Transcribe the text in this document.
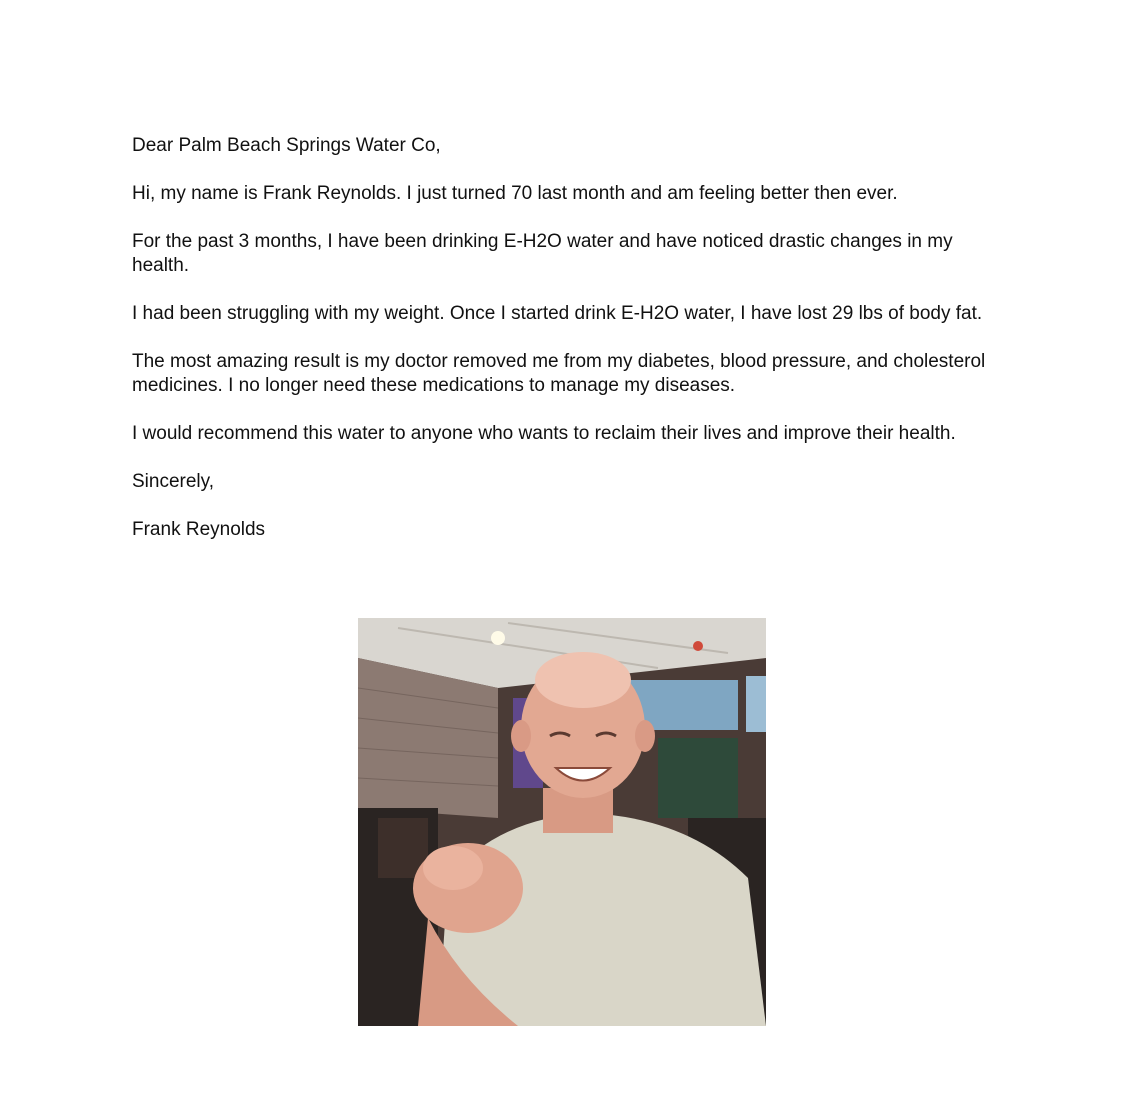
Dear Palm Beach Springs Water Co,

Hi, my name is Frank Reynolds. I just turned 70 last month and am feeling better then ever.

For the past 3 months, I have been drinking E-H2O water and have noticed drastic changes in my health.

I had been struggling with my weight. Once I started drink E-H2O water, I have lost 29 lbs of body fat.

The most amazing result is my doctor removed me from my diabetes, blood pressure, and cholesterol medicines. I no longer need these medications to manage my diseases.

I would recommend this water to anyone who wants to reclaim their lives and improve their health.

Sincerely,

Frank Reynolds
